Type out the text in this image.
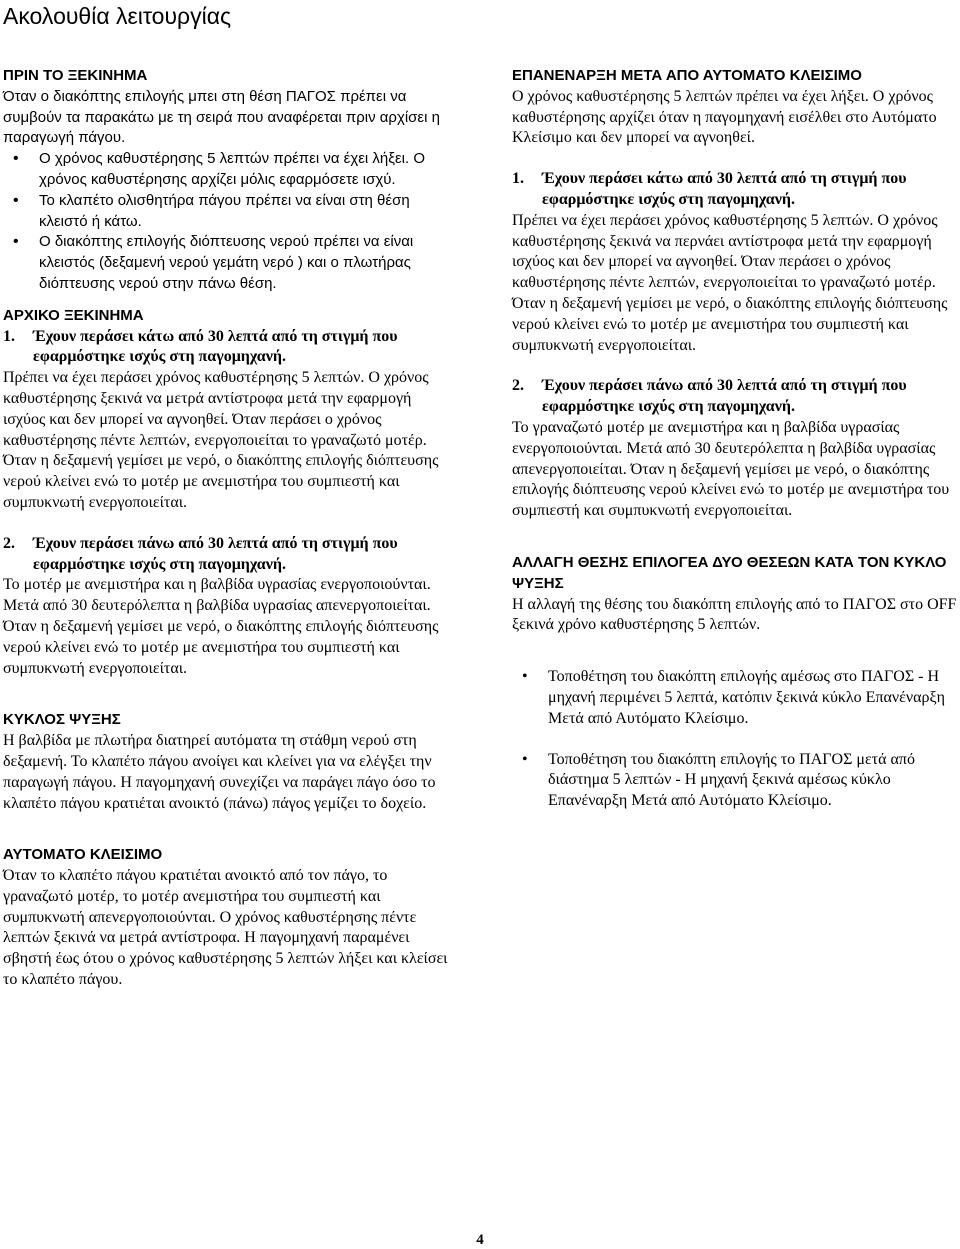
Ακολουθία λειτουργίας

ΠΡΙΝ ΤΟ ΞΕΚΙΝΗΜΑ

Όταν ο διακόπτης επιλογής μπει στη θέση ΠΑΓΟΣ πρέπει να συμβούν τα παρακάτω με τη σειρά που αναφέρεται πριν αρχίσει η παραγωγή πάγου.

• Ο χρόνος καθυστέρησης 5 λεπτών πρέπει να έχει λήξει. Ο χρόνος καθυστέρησης αρχίζει μόλις εφαρμόσετε ισχύ.
• Το κλαπέτο ολισθητήρα πάγου πρέπει να είναι στη θέση κλειστό ή κάτω.
• Ο διακόπτης επιλογής διόπτευσης νερού πρέπει να είναι κλειστός (δεξαμενή νερού γεμάτη νερό ) και ο πλωτήρας διόπτευσης νερού στην πάνω θέση.

ΑΡΧΙΚΟ ΞΕΚΙΝΗΜΑ

1. Έχουν περάσει κάτω από 30 λεπτά από τη στιγμή που εφαρμόστηκε ισχύς στη παγομηχανή.

Πρέπει να έχει περάσει χρόνος καθυστέρησης 5 λεπτών. Ο χρόνος καθυστέρησης ξεκινά να μετρά αντίστροφα μετά την εφαρμογή ισχύος και δεν μπορεί να αγνοηθεί. Όταν περάσει ο χρόνος καθυστέρησης πέντε λεπτών, ενεργοποιείται το γραναζωτό μοτέρ. Όταν η δεξαμενή γεμίσει με νερό, ο διακόπτης επιλογής διόπτευσης νερού κλείνει ενώ το μοτέρ με ανεμιστήρα του συμπιεστή και συμπυκνωτή ενεργοποιείται.

2. Έχουν περάσει πάνω από 30 λεπτά από τη στιγμή που εφαρμόστηκε ισχύς στη παγομηχανή.

Το μοτέρ με ανεμιστήρα και η βαλβίδα υγρασίας ενεργοποιούνται. Μετά από 30 δευτερόλεπτα η βαλβίδα υγρασίας απενεργοποιείται. Όταν η δεξαμενή γεμίσει με νερό, ο διακόπτης επιλογής διόπτευσης νερού κλείνει ενώ το μοτέρ με ανεμιστήρα του συμπιεστή και συμπυκνωτή ενεργοποιείται.

ΚΥΚΛΟΣ ΨΥΞΗΣ

Η βαλβίδα με πλωτήρα διατηρεί αυτόματα τη στάθμη νερού στη δεξαμενή. Το κλαπέτο πάγου ανοίγει και κλείνει για να ελέγξει την παραγωγή πάγου. Η παγομηχανή συνεχίζει να παράγει πάγο όσο το κλαπέτο πάγου κρατιέται ανοικτό (πάνω) πάγος γεμίζει το δοχείο.

ΑΥΤΟΜΑΤΟ ΚΛΕΙΣΙΜΟ

Όταν το κλαπέτο πάγου κρατιέται ανοικτό από τον πάγο, το γραναζωτό μοτέρ, το μοτέρ ανεμιστήρα του συμπιεστή και συμπυκνωτή απενεργοποιούνται. Ο χρόνος καθυστέρησης πέντε λεπτών ξεκινά να μετρά αντίστροφα. Η παγομηχανή παραμένει σβηστή έως ότου ο χρόνος καθυστέρησης 5 λεπτών λήξει και κλείσει το κλαπέτο πάγου.

ΕΠΑΝΕΝΑΡΞΗ ΜΕΤΑ ΑΠΟ ΑΥΤΟΜΑΤΟ ΚΛΕΙΣΙΜΟ

Ο χρόνος καθυστέρησης 5 λεπτών πρέπει να έχει λήξει. Ο χρόνος καθυστέρησης αρχίζει όταν η παγομηχανή εισέλθει στο Αυτόματο Κλείσιμο και δεν μπορεί να αγνοηθεί.

1. Έχουν περάσει κάτω από 30 λεπτά από τη στιγμή που εφαρμόστηκε ισχύς στη παγομηχανή.

Πρέπει να έχει περάσει χρόνος καθυστέρησης 5 λεπτών. Ο χρόνος καθυστέρησης ξεκινά να περνάει αντίστροφα μετά την εφαρμογή ισχύος και δεν μπορεί να αγνοηθεί. Όταν περάσει ο χρόνος καθυστέρησης πέντε λεπτών, ενεργοποιείται το γραναζωτό μοτέρ. Όταν η δεξαμενή γεμίσει με νερό, ο διακόπτης επιλογής διόπτευσης νερού κλείνει ενώ το μοτέρ με ανεμιστήρα του συμπιεστή και συμπυκνωτή ενεργοποιείται.

2. Έχουν περάσει πάνω από 30 λεπτά από τη στιγμή που εφαρμόστηκε ισχύς στη παγομηχανή.

Το γραναζωτό μοτέρ με ανεμιστήρα και η βαλβίδα υγρασίας ενεργοποιούνται. Μετά από 30 δευτερόλεπτα η βαλβίδα υγρασίας απενεργοποιείται. Όταν η δεξαμενή γεμίσει με νερό, ο διακόπτης επιλογής διόπτευσης νερού κλείνει ενώ το μοτέρ με ανεμιστήρα του συμπιεστή και συμπυκνωτή ενεργοποιείται.

ΑΛΛΑΓΗ ΘΕΣΗΣ ΕΠΙΛΟΓΕΑ ΔΥΟ ΘΕΣΕΩΝ ΚΑΤΑ ΤΟΝ ΚΥΚΛΟ ΨΥΞΗΣ

Η αλλαγή της θέσης του διακόπτη επιλογής από το ΠΑΓΟΣ στο OFF ξεκινά χρόνο καθυστέρησης 5 λεπτών.

• Τοποθέτηση του διακόπτη επιλογής αμέσως στο ΠΑΓΟΣ - Η μηχανή περιμένει 5 λεπτά, κατόπιν ξεκινά κύκλο Επανέναρξη Μετά από Αυτόματο Κλείσιμο.
• Τοποθέτηση του διακόπτη επιλογής το ΠΑΓΟΣ μετά από διάστημα 5 λεπτών - Η μηχανή ξεκινά αμέσως κύκλο Επανέναρξη Μετά από Αυτόματο Κλείσιμο.
4
